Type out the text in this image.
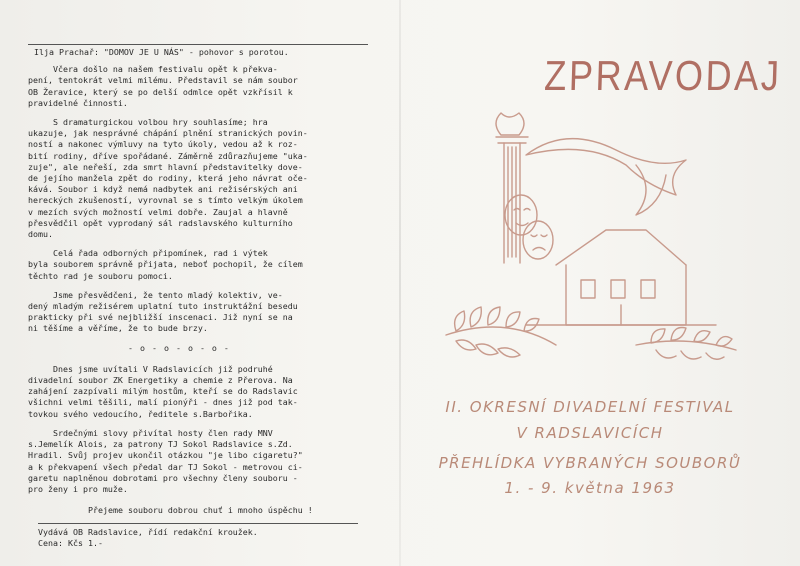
Ilja Prachař: "DOMOV JE U NÁS" - pohovor s porotou.
Včera došlo na našem festivalu opět k překva-
pení, tentokrát velmi milému. Představil se nám soubor
OB Žeravice, který se po delší odmlce opět vzkřísil k
pravidelné činnosti.
S dramaturgickou volbou hry souhlasíme; hra
ukazuje, jak nesprávné chápání plnění stranických povin-
ností a nakonec výmluvy na tyto úkoly, vedou až k roz-
bití rodiny, dříve spořádané. Záměrně zdůrazňujeme "uka-
zuje", ale neřeší, zda smrt hlavní představitelky dove-
de jejího manžela zpět do rodiny, která jeho návrat oče-
kává. Soubor i když nemá nadbytek ani režisérských ani
hereckých zkušeností, vyrovnal se s tímto velkým úkolem
v mezích svých možností velmi dobře. Zaujal a hlavně
přesvědčil opět vyprodaný sál radslavského kulturního
domu.
Celá řada odborných připomínek, rad i výtek
byla souborem správně přijata, neboť pochopil, že cílem
těchto rad je souboru pomoci.
Jsme přesvědčeni, že tento mladý kolektiv, ve-
dený mladým režisérem uplatní tuto instruktážní besedu
prakticky při své nejbližší inscenaci. Již nyní se na
ni těšíme a věříme, že to bude brzy.
- o - o - o - o -
Dnes jsme uvítali V Radslavicích již podruhé
divadelní soubor ZK Energetiky a chemie z Přerova. Na
zahájení zazpívali milým hostům, kteří se do Radslavic
všichni velmi těšili, malí pionýři - dnes již pod tak-
tovkou svého vedoucího, ředitele s.Barbořika.
Srdečnými slovy přivítal hosty člen rady MNV
s.Jemelík Alois, za patrony TJ Sokol Radslavice s.Zd.
Hradil. Svůj projev ukončil otázkou "je libo cigaretu?"
a k překvapení všech předal dar TJ Sokol - metrovou ci-
garetu naplněnou dobrotami pro všechny členy souboru -
pro ženy i pro muže.
Přejeme souboru dobrou chuť i mnoho úspěchu !
Vydává OB Radslavice, řídí redakční kroužek.
Cena: Kčs 1.-
ZPRAVODAJ
II. OKRESNÍ DIVADELNÍ FESTIVAL
V RADSLAVICÍCH
PŘEHLÍDKA VYBRANÝCH SOUBORŮ
1. - 9. května 1963
